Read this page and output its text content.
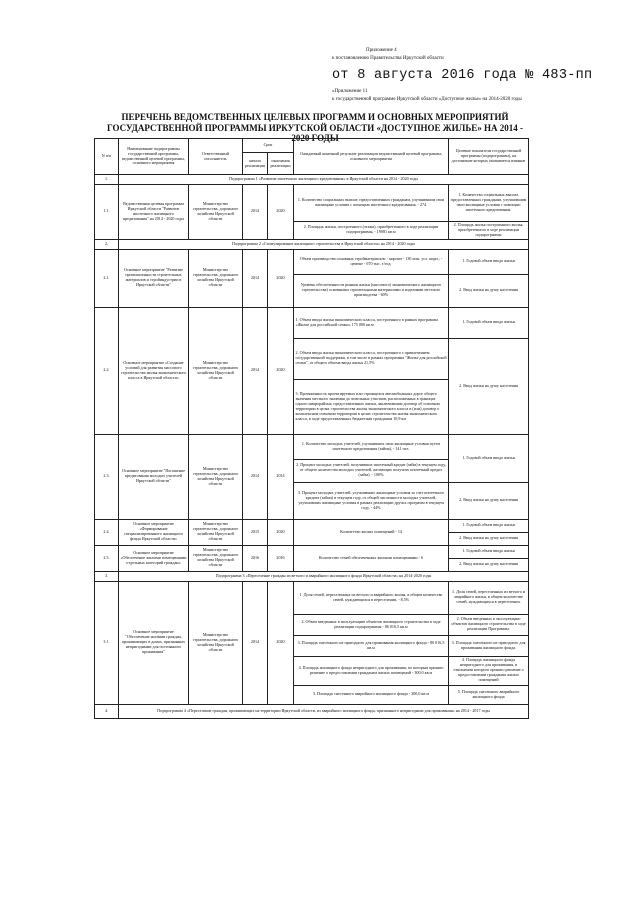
Приложение 4
к постановлению Правительства Иркутской области
от 8 августа 2016 года № 483-пп
«Приложение 11
к государственной программе Иркутской области «Доступное жилье» на 2014-2020 годы
ПЕРЕЧЕНЬ ВЕДОМСТВЕННЫХ ЦЕЛЕВЫХ ПРОГРАММ И ОСНОВНЫХ МЕРОПРИЯТИЙ ГОСУДАРСТВЕННОЙ ПРОГРАММЫ ИРКУТСКОЙ ОБЛАСТИ «ДОСТУПНОЕ ЖИЛЬЕ» НА 2014 - 2020 ГОДЫ
N п/п	Наименование подпрограммы государственной программы, ведомственной целевой программы, основного мероприятия	Ответственный исполнитель	Срок		Ожидаемый конечный результат реализации ведомственной целевой программы, основного мероприятия	Целевые показатели государственной программы (подпрограммы), на достижение которых оказывается влияние
			начала реализации	окончания реализации		
1.	Подпрограмма 1 «Развитие ипотечного жилищного кредитования» в Иркутской области на 2014 - 2020 годы					
1.1.	Ведомственная целевая программа Иркутской области "Развитие ипотечного жилищного кредитования" на 2014 - 2020 годы	Министерство строительства, дорожного хозяйства Иркутской области	2014	2020	1. Количество социальных выплат, предоставленных гражданам, улучшившим свои жилищные условия с помощью ипотечного кредитования, - 274.	1. Количество социальных выплат, предоставленных гражданам, улучшившим свои жилищные условия с помощью ипотечного кредитования.
					2. Площадь жилья, построенного (этажа), приобретенного в ходе реализации подпрограммы, - 19081 кв.м	2. Площадь жилья построенного жилья, приобретенного в ходе реализации подпрограммы
2.	Подпрограмма 2 «Стимулирование жилищного строительства в Иркутской области» на 2014 - 2020 годы					
2.1.	Основное мероприятие "Развитие промышленности строительных материалов и стройиндустрии в Иркутской области"	Министерство строительства, дорожного хозяйства Иркутской области	2014	2020	Объем производства основных стройматериалов: - кирпич - 130 млн. усл. кирп.; - цемент - 670 тыс. т/год.	1. Годовой объем ввода жилья
					Уровень обеспеченности рынков жилья (массового) экономического жилищного строительства) основными строительными материалами и изделиями местного производства - 60%	2. Ввод жилья на душу населения
2.2.	Основное мероприятие «Создание условий для развития массового строительства жилья экономического класса в Иркутской области»	Министерство строительства, дорожного хозяйства Иркутской области	2014	2020	1. Объем ввода жилья экономического класса, построенного в рамках программы «Жилье для российской семьи» 175 000 кв.м	1. Годовой объем ввода жилья
					2. Объем ввода жилья экономического класса, построенного с привлечением государственной поддержки, в том числе в рамках программы "Жилье для российской семьи", от общего объема ввода жилья 21,5%	2. Ввод жилья на душу населения
					3. Протяженность проектируемых или строящихся автомобильных дорог общего значения местного значения до земельных участков, расположенных в границах одного микрорайона, предоставленных жилья, заключившим договор об освоении территории в целях строительства жилья экономического класса в (или) договор о комплексном освоении территории в целях строительства жилья экономического класса, в ходе предоставленных бюджетами гражданам 10,9 км	
2.3.	Основное мероприятие "Погашение кредитования молодых учителей Иркутской области"	Министерство строительства, дорожного хозяйства Иркутской области	2014	2014	1. Количество молодых учителей, улучшивших свои жилищные условия путем ипотечного кредитования (займа), - 141 чел.	1. Годовой объем ввода жилья
					2. Процент молодых учителей, получивших ипотечный кредит (займ) в текущем году, от общего количества молодых учителей, желающих получить ипотечный кредит (займ), - 100%	
					3. Процент молодых учителей, улучшивших жилищные условия за счет ипотечного кредита (займа) в текущем году, от общей численности молодых учителей, улучшивших жилищные условия в рамках реализации других программ в текущем году, - 44%	2. Ввод жилья на душу населения
2.4.	Основное мероприятие «Формирование специализированного жилищного фонда Иркутской области»	Министерство строительства, дорожного хозяйства Иркутской области	2015	2020	Количество жилых помещений - 14	1. Годовой объем ввода жилья
						2. Ввод жилья на душу населения
2.5.	Основное мероприятие «Обеспечение жилыми помещениями отдельных категорий граждан»	Министерство строительства, дорожного хозяйства Иркутской области	2016	2016	Количество семей обеспеченных жилыми помещениями - 6	1. Годовой объем ввода жилья
						2. Ввод жилья на душу населения
3.	Подпрограмма 3 «Переселение граждан из ветхого и аварийного жилищного фонда Иркутской области» на 2014-2020 годы					
3.1.	Основное мероприятие "Обеспечение жилыми граждан, проживающих в домах, признанных непригодными для постоянного проживания"	Министерство строительства, дорожного хозяйства Иркутской области	2014	2020	1. Доля семей, переселенных из ветхого и аварийного жилья, в общем количестве семей, нуждающихся в переселении, - 8,5%	1. Доля семей, переселенных из ветхого и аварийного жилья, в общем количестве семей, нуждающихся в переселении.
					2. Объем введенных в эксплуатацию объектов жилищного строительства в ходе реализации подпрограммы - 86 016,5 кв.м	2. Объем введенных в эксплуатацию объектов жилищного строительства в ходе реализации Программы.
					3. Площадь снесенного не пригодного для проживания жилищного фонда - 80 016,5 кв.м	3. Площадь снесенного не пригодного для проживания жилищного фонда.
					4. Площадь жилищного фонда непригодного для проживания, по которым принято решение о предоставлении гражданам жилых помещений - 300,0 кв.м	4. Площадь жилищного фонда непригодного для проживания, в отношении которого принято решение о предоставлении гражданам жилых помещений
					5. Площадь снесенного аварийного жилищного фонда - 300,0 кв.м	5. Площадь снесенного аварийного жилищного фонда
4.	Подпрограмма 4 «Переселение граждан, проживающих на территории Иркутской области, из аварийного жилищного фонда, признанного непригодным для проживания» на 2014 - 2017 годы					
